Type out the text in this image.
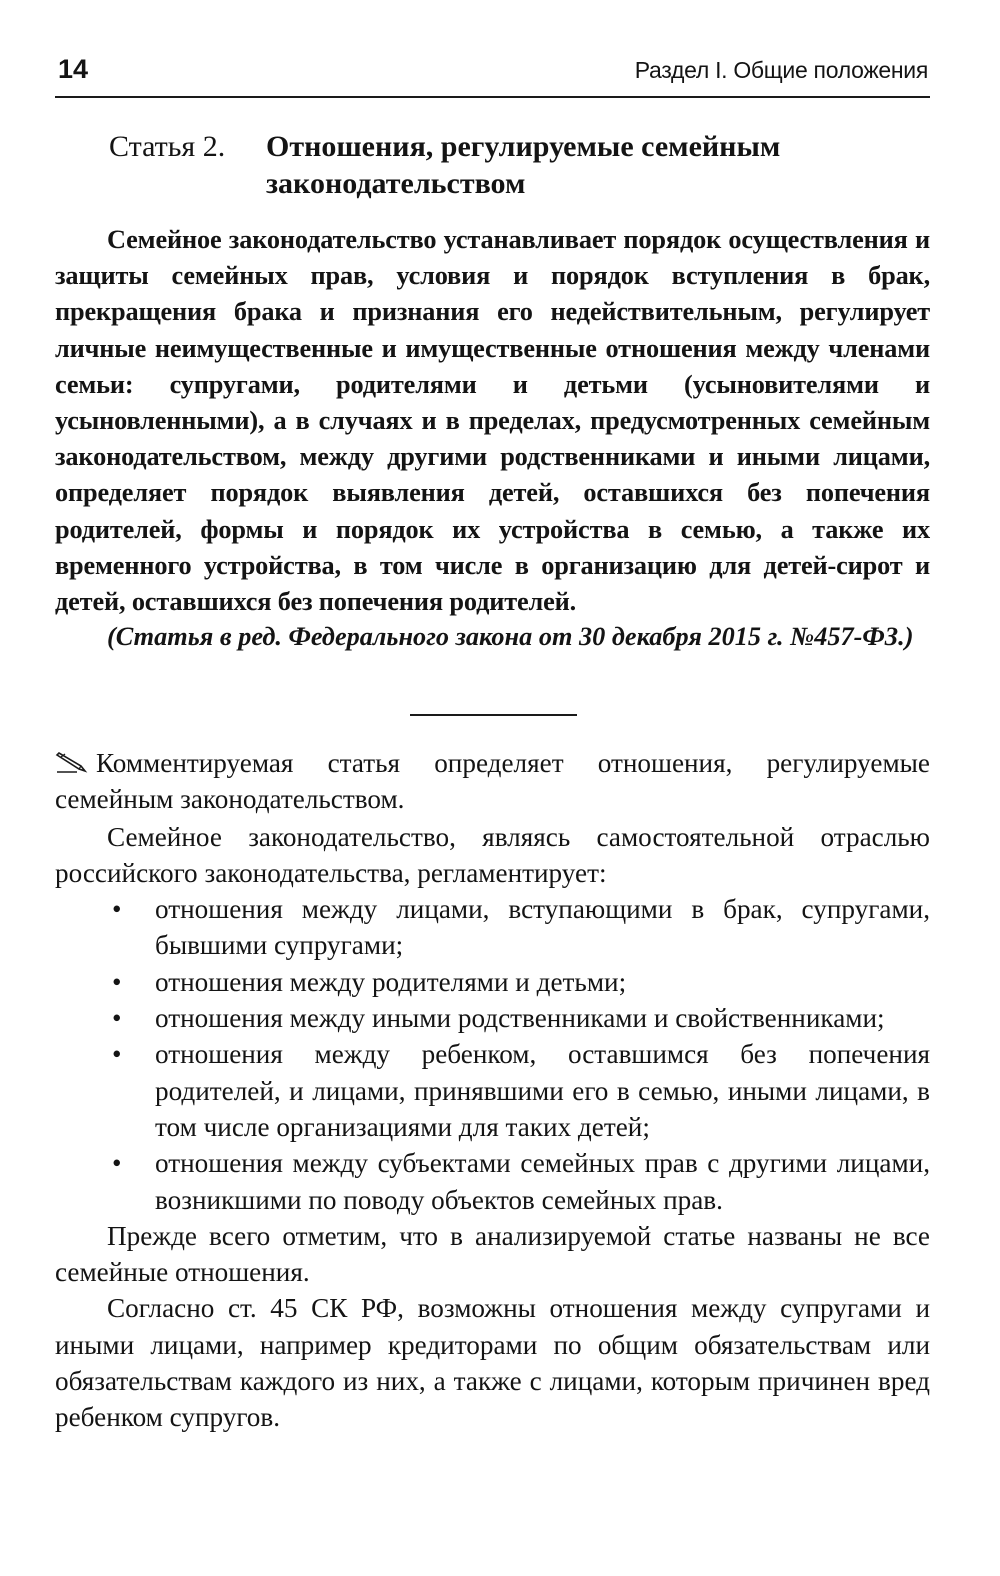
14	Раздел I. Общие положения
Статья 2. Отношения, регулируемые семейным законодательством

Семейное законодательство устанавливает порядок осуществления и защиты семейных прав, условия и порядок вступления в брак, прекращения брака и признания его недействительным, регулирует личные неимущественные и имущественные отношения между членами семьи: супругами, родителями и детьми (усыновителями и усыновленными), а в случаях и в пределах, предусмотренных семейным законодательством, между другими родственниками и иными лицами, определяет порядок выявления детей, оставшихся без попечения родителей, формы и порядок их устройства в семью, а также их временного устройства, в том числе в организацию для детей-сирот и детей, оставшихся без попечения родителей.

(Статья в ред. Федерального закона от 30 декабря 2015 г. №457-ФЗ.)

Комментируемая статья определяет отношения, регулируемые семейным законодательством.

Семейное законодательство, являясь самостоятельной отраслью российского законодательства, регламентирует:

• отношения между лицами, вступающими в брак, супругами, бывшими супругами;
• отношения между родителями и детьми;
• отношения между иными родственниками и свойственниками;
• отношения между ребенком, оставшимся без попечения родителей, и лицами, принявшими его в семью, иными лицами, в том числе организациями для таких детей;
• отношения между субъектами семейных прав с другими лицами, возникшими по поводу объектов семейных прав.

Прежде всего отметим, что в анализируемой статье названы не все семейные отношения.

Согласно ст. 45 СК РФ, возможны отношения между супругами и иными лицами, например кредиторами по общим обязательствам или обязательствам каждого из них, а также с лицами, которым причинен вред ребенком супругов.
